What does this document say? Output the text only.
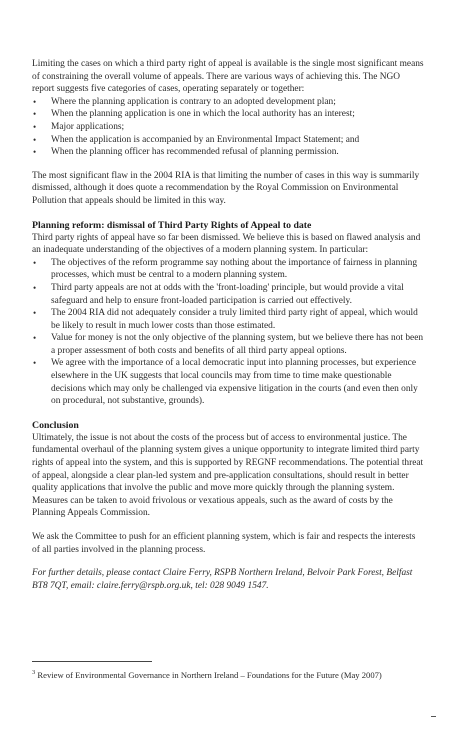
Limiting the cases on which a third party right of appeal is available is the single most significant means of constraining the overall volume of appeals. There are various ways of achieving this. The NGO report suggests five categories of cases, operating separately or together:

• Where the planning application is contrary to an adopted development plan;
• When the planning application is one in which the local authority has an interest;
• Major applications;
• When the application is accompanied by an Environmental Impact Statement; and
• When the planning officer has recommended refusal of planning permission.

The most significant flaw in the 2004 RIA is that limiting the number of cases in this way is summarily dismissed, although it does quote a recommendation by the Royal Commission on Environmental Pollution that appeals should be limited in this way.

Planning reform: dismissal of Third Party Rights of Appeal to date

Third party rights of appeal have so far been dismissed. We believe this is based on flawed analysis and an inadequate understanding of the objectives of a modern planning system. In particular:

• The objectives of the reform programme say nothing about the importance of fairness in planning processes, which must be central to a modern planning system.
• Third party appeals are not at odds with the 'front-loading' principle, but would provide a vital safeguard and help to ensure front-loaded participation is carried out effectively.
• The 2004 RIA did not adequately consider a truly limited third party right of appeal, which would be likely to result in much lower costs than those estimated.
• Value for money is not the only objective of the planning system, but we believe there has not been a proper assessment of both costs and benefits of all third party appeal options.
• We agree with the importance of a local democratic input into planning processes, but experience elsewhere in the UK suggests that local councils may from time to time make questionable decisions which may only be challenged via expensive litigation in the courts (and even then only on procedural, not substantive, grounds).
Conclusion

Ultimately, the issue is not about the costs of the process but of access to environmental justice. The fundamental overhaul of the planning system gives a unique opportunity to integrate limited third party rights of appeal into the system, and this is supported by REGNF recommendations. The potential threat of appeal, alongside a clear plan-led system and pre-application consultations, should result in better quality applications that involve the public and move more quickly through the planning system. Measures can be taken to avoid frivolous or vexatious appeals, such as the award of costs by the Planning Appeals Commission.

We ask the Committee to push for an efficient planning system, which is fair and respects the interests of all parties involved in the planning process.

For further details, please contact Claire Ferry, RSPB Northern Ireland, Belvoir Park Forest, Belfast BT8 7QT, email: claire.ferry@rspb.org.uk, tel: 028 9049 1547.

$^3$ Review of Environmental Governance in Northern Ireland – Foundations for the Future (May 2007)
